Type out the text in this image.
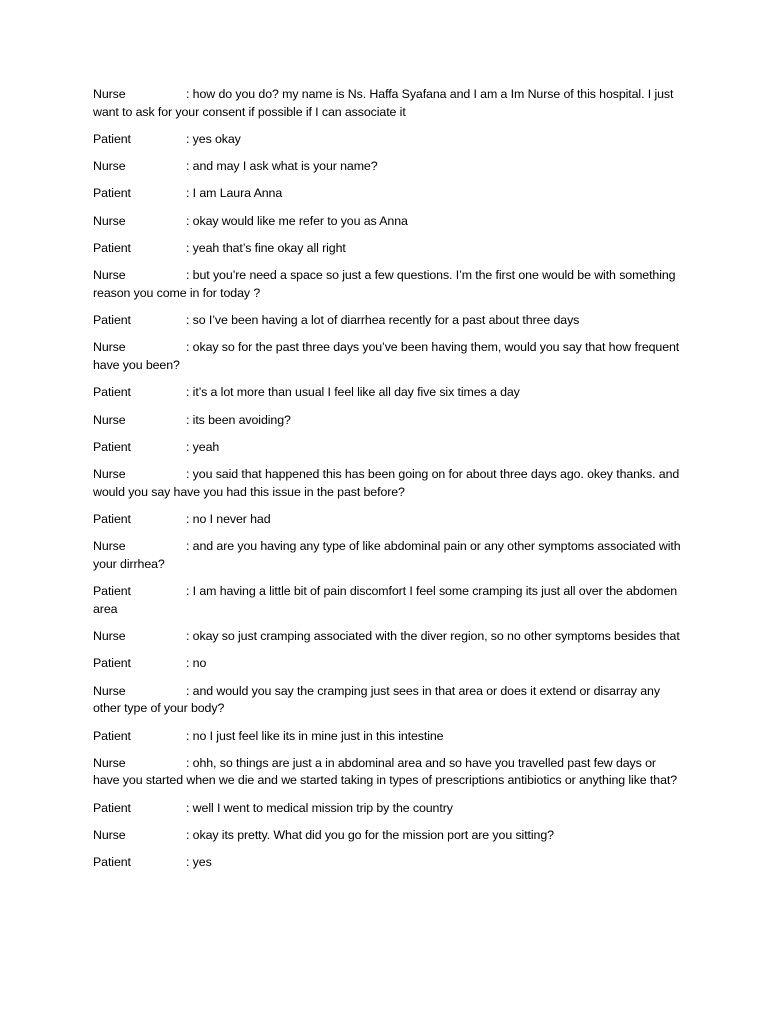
Nurse	: how do you do? my name is Ns. Haffa Syafana and I am a Im Nurse of this hospital. I just want to ask for your consent if possible if I can associate it
Patient	: yes okay
Nurse	: and may I ask what is your name?
Patient	: I am Laura Anna
Nurse	: okay would like me refer to you as Anna
Patient	: yeah that’s fine okay all right
Nurse	: but you’re need a space so just a few questions. I’m the first one would be with something reason you come in for today ?
Patient	: so I’ve been having a lot of diarrhea recently for a past about three days
Nurse	: okay so for the past three days you’ve been having them, would you say that how frequent have you been?
Patient	: it’s a lot more than usual I feel like all day five six times a day
Nurse	: its been avoiding?
Patient	: yeah
Nurse	: you said that happened this has been going on for about three days ago. okey thanks. and would you say have you had this issue in the past before?
Patient	: no I never had
Nurse	: and are you having any type of like abdominal pain or any other symptoms associated with your dirrhea?
Patient	: I am having a little bit of pain discomfort I feel some cramping its just all over the abdomen area
Nurse	: okay so just cramping associated with the diver region, so no other symptoms besides that
Patient	: no
Nurse	: and would you say the cramping just sees in that area or does it extend or disarray any other type of your body?
Patient	: no I just feel like its in mine just in this intestine
Nurse	: ohh, so things are just a in abdominal area and so have you travelled past few days or have you started when we die and we started taking in types of prescriptions antibiotics or anything like that?
Patient	: well I went to medical mission trip by the country
Nurse	: okay its pretty. What did you go for the mission port are you sitting?
Patient	: yes
